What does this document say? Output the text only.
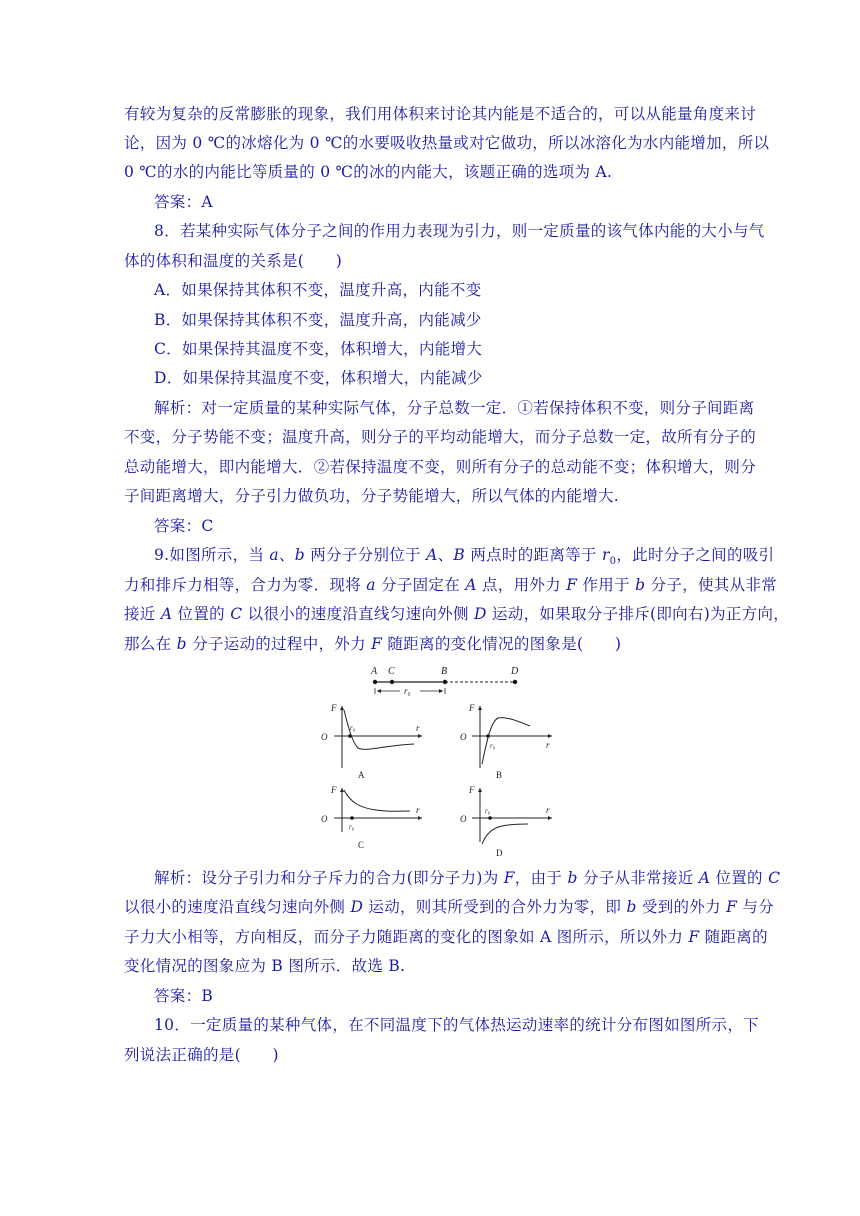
有较为复杂的反常膨胀的现象，我们用体积来讨论其内能是不适合的，可以从能量角度来讨
论，因为 0 ℃的冰熔化为 0 ℃的水要吸收热量或对它做功，所以冰溶化为水内能增加，所以
0 ℃的水的内能比等质量的 0 ℃的冰的内能大，该题正确的选项为 A.
答案：A
8．若某种实际气体分子之间的作用力表现为引力，则一定质量的该气体内能的大小与气
体的体积和温度的关系是(　　)
A．如果保持其体积不变，温度升高，内能不变
B．如果保持其体积不变，温度升高，内能减少
C．如果保持其温度不变，体积增大，内能增大
D．如果保持其温度不变，体积增大，内能减少
解析：对一定质量的某种实际气体，分子总数一定．①若保持体积不变，则分子间距离
不变，分子势能不变；温度升高，则分子的平均动能增大，而分子总数一定，故所有分子的
总动能增大，即内能增大．②若保持温度不变，则所有分子的总动能不变；体积增大，则分
子间距离增大，分子引力做负功，分子势能增大，所以气体的内能增大.
答案：C
9.如图所示，当 a、b 两分子分别位于 A、B 两点时的距离等于 $r_0$，此时分子之间的吸引
力和排斥力相等，合力为零．现将 a 分子固定在 A 点，用外力 F 作用于 b 分子，使其从非常
接近 A 位置的 C 以很小的速度沿直线匀速向外侧 D 运动，如果取分子排斥(即向右)为正方向，
那么在 b 分子运动的过程中，外力 F 随距离的变化情况的图象是(　　)
A C	B	D
r₀
O
F
r
r₀
A
O
F
r
r₀
B
O
F
r
r₀
C
O
F
r
r₀
D
解析：设分子引力和分子斥力的合力(即分子力)为 F，由于 b 分子从非常接近 A 位置的 C
以很小的速度沿直线匀速向外侧 D 运动，则其所受到的合外力为零，即 b 受到的外力 F 与分
子力大小相等，方向相反，而分子力随距离的变化的图象如 A 图所示，所以外力 F 随距离的
变化情况的图象应为 B 图所示．故选 B.
答案：B
10．一定质量的某种气体，在不同温度下的气体热运动速率的统计分布图如图所示，下
列说法正确的是(　　)
